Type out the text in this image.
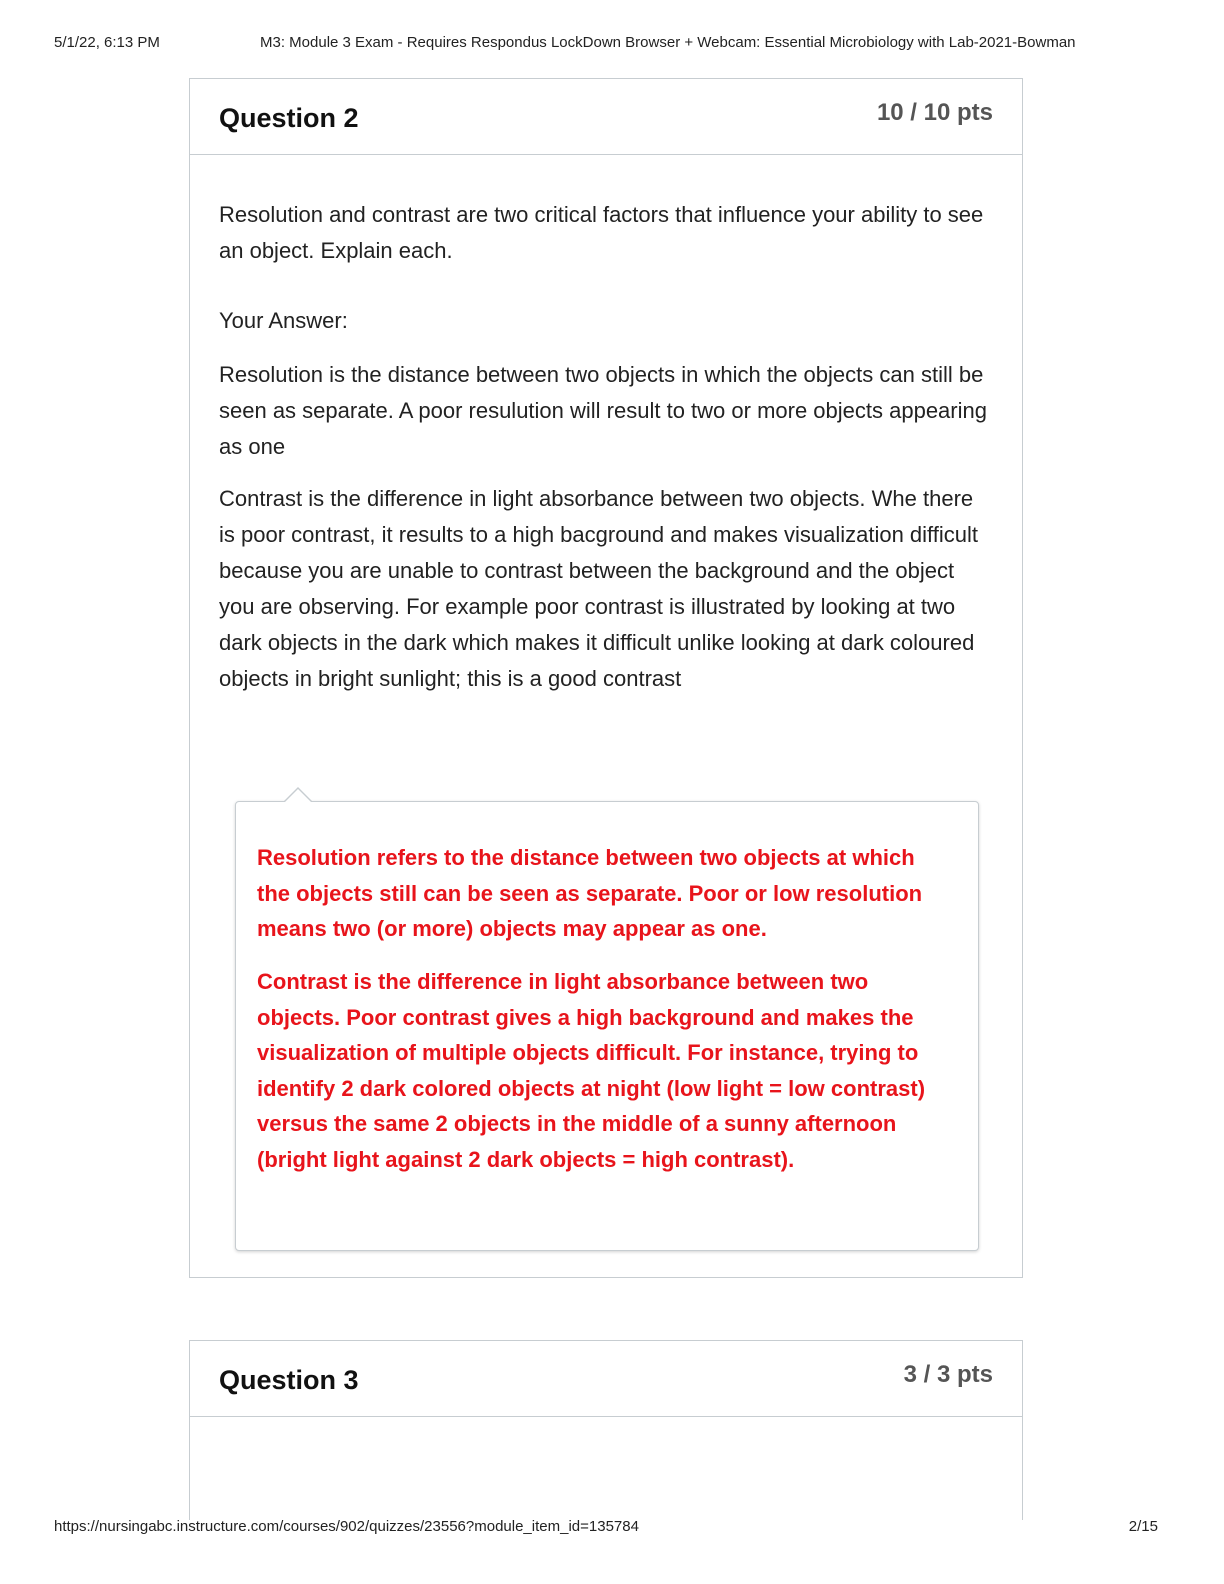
5/1/22, 6:13 PM	M3: Module 3 Exam - Requires Respondus LockDown Browser + Webcam: Essential Microbiology with Lab-2021-Bowman
Question 2	10 / 10 pts
Resolution and contrast are two critical factors that influence your ability to see an object. Explain each.
Your Answer:
Resolution is the distance between two objects in which the objects can still be seen as separate. A poor resulution will result to two or more objects appearing as one
Contrast is the difference in light absorbance between two objects. Whe there is poor contrast, it results to a high bacground and makes visualization difficult because you are unable to contrast between the background and the object you are observing. For example poor contrast is illustrated by looking at two dark objects in the dark which makes it difficult unlike looking at dark coloured objects in bright sunlight; this is a good contrast
Resolution refers to the distance between two objects at which the objects still can be seen as separate. Poor or low resolution means two (or more) objects may appear as one.
Contrast is the difference in light absorbance between two objects. Poor contrast gives a high background and makes the visualization of multiple objects difficult. For instance, trying to identify 2 dark colored objects at night (low light = low contrast) versus the same 2 objects in the middle of a sunny afternoon (bright light against 2 dark objects = high contrast).
Question 3	3 / 3 pts
https://nursingabc.instructure.com/courses/902/quizzes/23556?module_item_id=135784	2/15
